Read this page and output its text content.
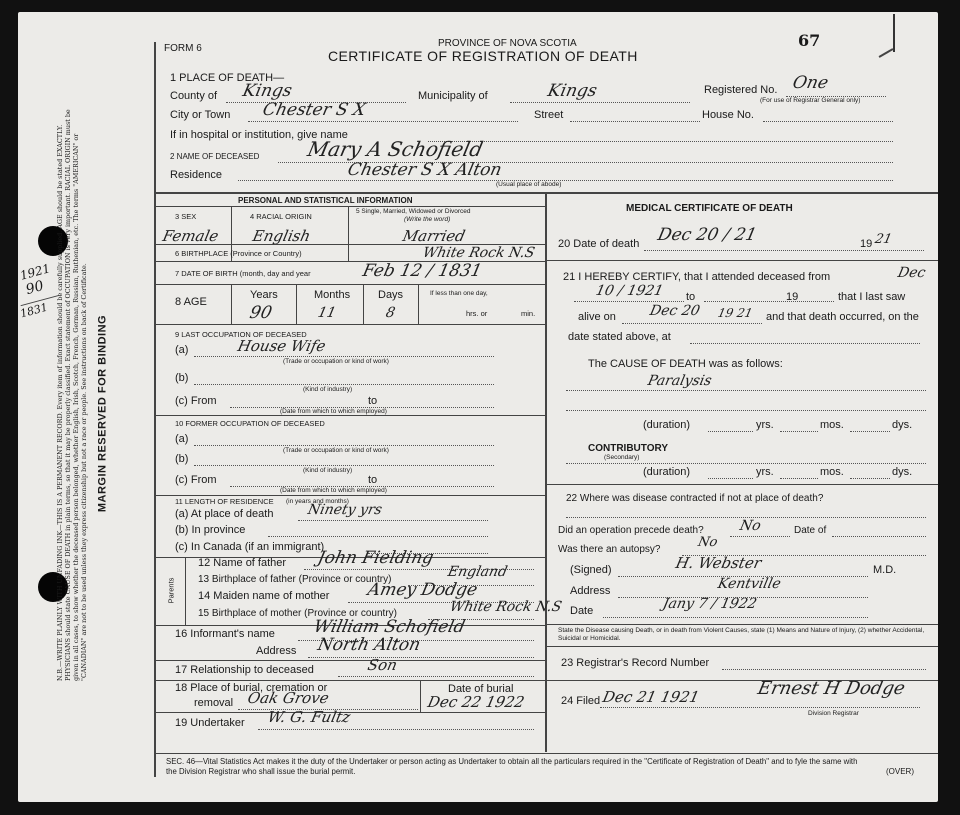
1921
90
1831
MARGIN RESERVED FOR BINDING
N.B.—WRITE PLAINLY WITH UNFADING INK—THIS IS A PERMANENT RECORD. Every item of information should be carefully supplied. AGE should be stated EXACTLY. PHYSICIANS should state CAUSE OF DEATH in plain terms, so that it may be properly classified. Exact statement of OCCUPATION is very important. RACIAL ORIGIN must be given in all cases, to show whether the deceased person belonged, whether English, Irish, Scotch, French, German, Russian, Ruthenian, etc. The terms "AMERICAN" or "CANADIAN" are not to be used unless they express citizenship but not a race or people. See instructions on back of Certificate.
FORM 6	PROVINCE OF NOVA SCOTIA
CERTIFICATE OF REGISTRATION OF DEATH
67
1 PLACE OF DEATH—
County of Kings	Municipality of	Kings	Registered No. One
(For use of Registrar General only)
City or Town Chester S X	Street	House No.
If in hospital or institution, give name
2 NAME OF DECEASED Mary A Schofield
Residence	Chester S X Alton
(Usual place of abode)
PERSONAL AND STATISTICAL INFORMATION
3 SEX	4 RACIAL ORIGIN
5 Single, Married, Widowed or Divorced
(Write the word)
Female English	Married
6 BIRTHPLACE (Province or Country)	White Rock N.S
7 DATE OF BIRTH (month, day and year	Feb 12 / 1831
8 AGE
Years	Months	Days	If less than one day,
hrs. or	min.
90	11	8
9 LAST OCCUPATION OF DECEASED
(a)	House Wife
(Trade or occupation or kind of work)
(b)
(Kind of industry)
(c) From	to
(Date from which to which employed)
10 FORMER OCCUPATION OF DECEASED
(a)
(Trade or occupation or kind of work)
(b)
(Kind of industry)
(c) From	to
(Date from which to which employed)
11 LENGTH OF RESIDENCE (in years and months)
(a) At place of death Ninety yrs
(b) In province
(c) In Canada (if an immigrant)
Parents
12 Name of father John Fielding
13 Birthplace of father (Province or country)	England
14 Maiden name of mother Amey Dodge
15 Birthplace of mother (Province or country)	White Rock N.S
16 Informant's name William Schofield
Address North Alton
17 Relationship to deceased	Son
18 Place of burial, cremation or
removal Oak Grove	Date of burial
Dec 22 1922
19 Undertaker W. G. Fultz
MEDICAL CERTIFICATE OF DEATH
20 Date of death Dec 20 / 21	19 21
21 I HEREBY CERTIFY, that I attended deceased from	Dec
10 / 1921 to	19	that I last saw
alive on Dec 20 19 21 and that death occurred, on the
date stated above, at
The CAUSE OF DEATH was as follows:
Paralysis
(duration)	yrs.	mos.	dys.
CONTRIBUTORY
(Secondary)
(duration)	yrs.	mos.	dys.
22 Where was disease contracted if not at place of death?
Did an operation precede death? No	Date of
Was there an autopsy?	No
(Signed)	H. Webster	M.D.
Address	Kentville
Date	Jany 7 / 1922
State the Disease causing Death, or in death from Violent Causes, state (1) Means and Nature of Injury, (2) whether Accidental, Suicidal or Homicidal.
23 Registrar's Record Number
24 Filed Dec 21 1921	Ernest H Dodge
Division Registrar
SEC. 46—Vital Statistics Act makes it the duty of the Undertaker or person acting as Undertaker to obtain all the particulars required in the "Certificate of Registration of Death" and to fyle the same with the Division Registrar who shall issue the burial permit.	(OVER)
